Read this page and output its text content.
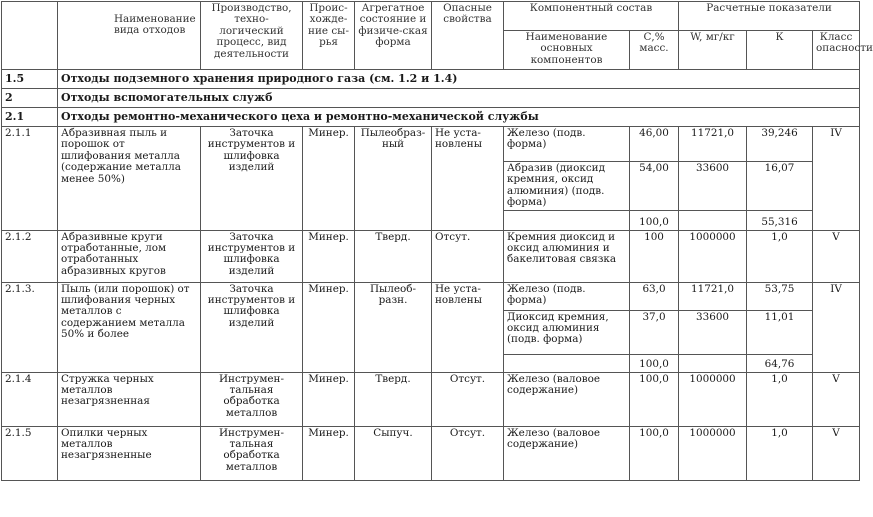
	Наименование вида отходов	Производство, техно-логический процесс, вид деятельности	Проис-хожде-ние сы-рья	Агрегатное состояние и физиче-ская форма	Опасные свойства	Компонентный состав		Расчетные показатели		
						Наименование основных компонентов	С,% масс.	W, мг/кг	К	Класс опасности
1.5	Отходы подземного хранения природного газа (см. 1.2 и 1.4)									
2	Отходы вспомогательных служб									
2.1	Отходы ремонтно-механического цеха и ремонтно-механической службы									
2.1.1	Абразивная пыль и порошок от шлифования металла (содержание металла менее 50%)	Заточка инструментов и шлифовка изделий	Минер.	Пылеобраз-ный	Не уста-новлены	Железо (подв. форма)	46,00	11721,0	39,246	IV
						Абразив (диоксид кремния, оксид алюминия) (подв. форма)	54,00	33600	16,07	
							100,0		55,316	
2.1.2	Абразивные круги отработанные, лом отработанных абразивных кругов	Заточка инструментов и шлифовка изделий	Минер.	Тверд.	Отсут.	Кремния диоксид и оксид алюминия и бакелитовая связка	100	1000000	1,0	V
2.1.3.	Пыль (или порошок) от шлифования черных металлов с содержанием металла 50% и более	Заточка инструментов и шлифовка изделий	Минер.	Пылеоб-разн.	Не уста-новлены	Железо (подв. форма)	63,0	11721,0	53,75	IV
						Диоксид кремния, оксид алюминия (подв. форма)	37,0	33600	11,01	
							100,0		64,76	
2.1.4	Стружка черных металлов незагрязненная	Инструмен-тальная обработка металлов	Минер.	Тверд.	Отсут.	Железо (валовое содержание)	100,0	1000000	1,0	V
2.1.5	Опилки черных металлов незагрязненные	Инструмен-тальная обработка металлов	Минер.	Сыпуч.	Отсут.	Железо (валовое содержание)	100,0	1000000	1,0	V
